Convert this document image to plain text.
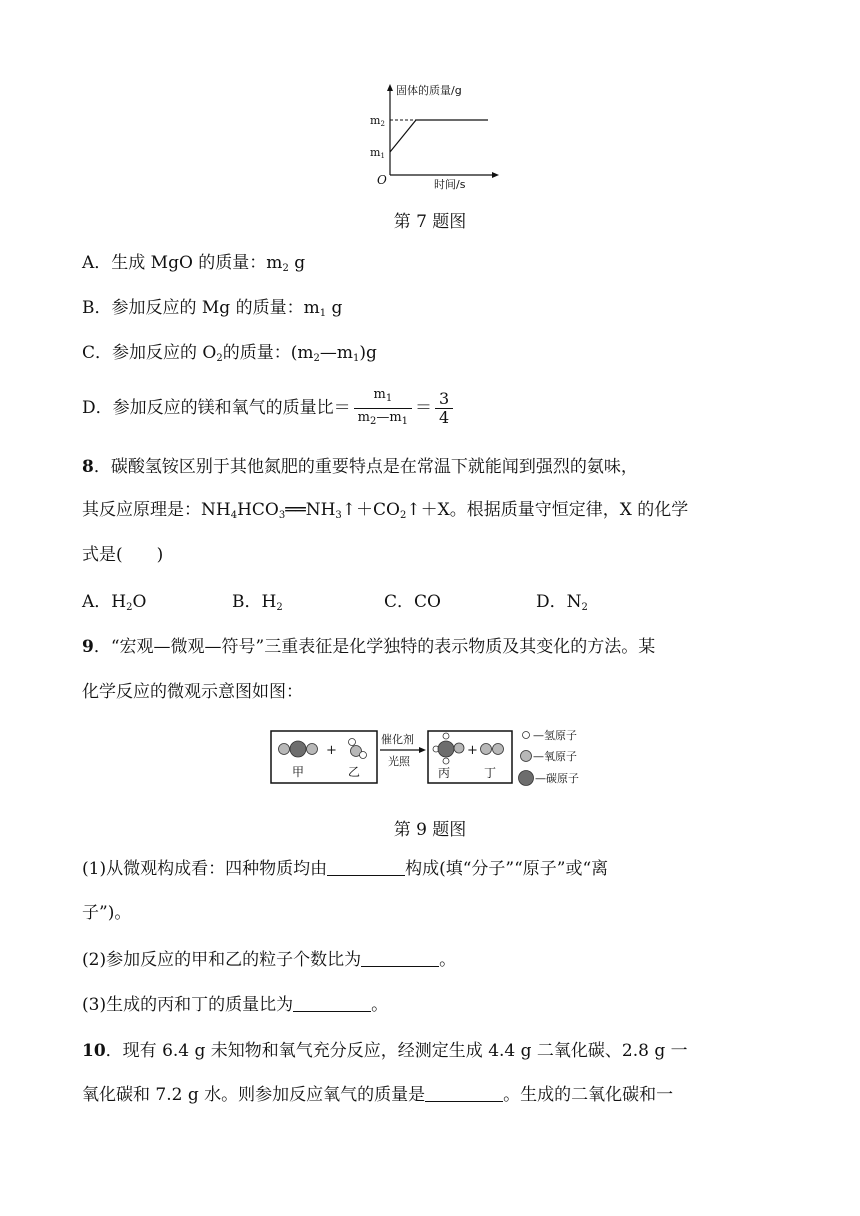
固体的质量/g
时间/s
O
m2
m1
第 7 题图
A．生成 MgO 的质量：$m_2$ g
B．参加反应的 Mg 的质量：$m_1$ g
C．参加反应的 $O_2$的质量：$(m_2—m_1)g$
D．参加反应的镁和氧气的质量比＝ $\frac{m_1}{m_2—m_1} = \frac{3}{4}$
8．碳酸氢铵区别于其他氮肥的重要特点是在常温下就能闻到强烈的氨味，
其反应原理是：$NH_4HCO_3══NH_3↑+CO_2↑+X$。根据质量守恒定律，X 的化学
式是(　　)
A．$H_2O$	B．$H_2$	C．CO	D．$N_2$
9．“宏观—微观—符号”三重表征是化学独特的表示物质及其变化的方法。某
化学反应的微观示意图如图：
甲
+
乙
催化剂
光照
丙
+
丁
—氢原子
—氧原子
—碳原子
第 9 题图
(1)从微观构成看：四种物质均由	构成(填“分子”“原子”或“离
子”)。
(2)参加反应的甲和乙的粒子个数比为	。
(3)生成的丙和丁的质量比为	。
10．现有 6.4 g 未知物和氧气充分反应，经测定生成 4.4 g 二氧化碳、2.8 g 一
氧化碳和 7.2 g 水。则参加反应氧气的质量是	。生成的二氧化碳和一
